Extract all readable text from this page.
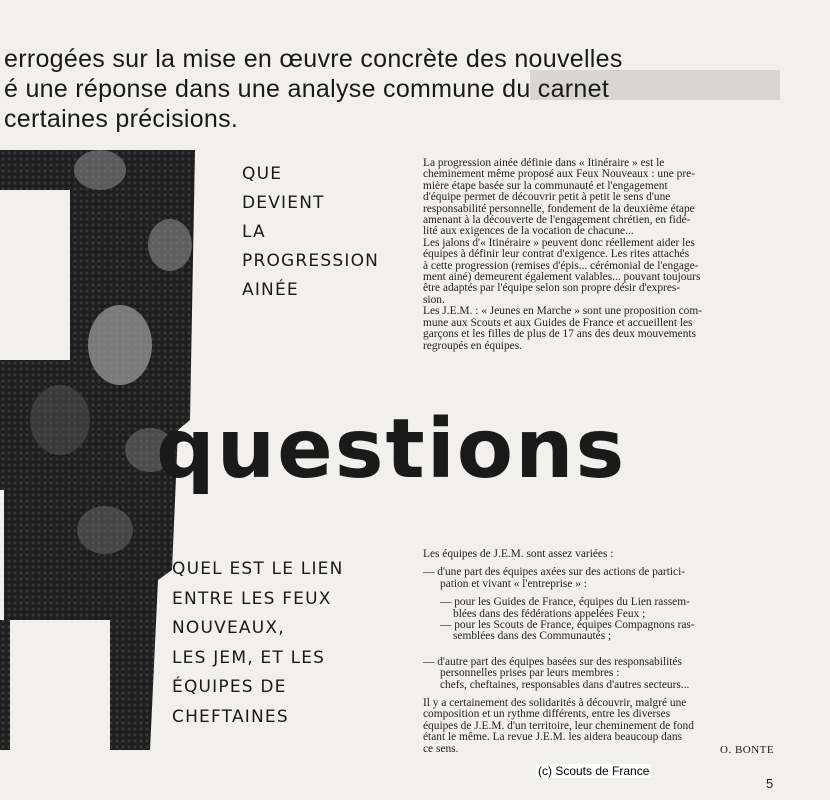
errogées sur la mise en œuvre concrète des nouvelles
é une réponse dans une analyse commune du carnet
certaines précisions.
QUE
DEVIENT
LA
PROGRESSION
AINÉE
La progression ainée définie dans « Itinéraire » est le
cheminement même proposé aux Feux Nouveaux : une pre-
mière étape basée sur la communauté et l'engagement
d'équipe permet de découvrir petit à petit le sens d'une
responsabilité personnelle, fondement de la deuxième étape
amenant à la découverte de l'engagement chrétien, en fidé-
lité aux exigences de la vocation de chacune...
Les jalons d'« Itinéraire » peuvent donc réellement aider les
équipes à définir leur contrat d'exigence. Les rites attachés
à cette progression (remises d'épis... cérémonial de l'engage-
ment ainé) demeurent également valables... pouvant toujours
être adaptés par l'équipe selon son propre désir d'expres-
sion.
Les J.E.M. : « Jeunes en Marche » sont une proposition com-
mune aux Scouts et aux Guides de France et accueillent les
garçons et les filles de plus de 17 ans des deux mouvements
regroupés en équipes.
questions
QUEL EST LE LIEN
ENTRE LES FEUX
NOUVEAUX,
LES JEM, ET LES
ÉQUIPES DE
CHEFTAINES
Les équipes de J.E.M. sont assez variées :
— d'une part des équipes axées sur des actions de partici-
pation et vivant « l'entreprise » :
— pour les Guides de France, équipes du Lien rassem-
blées dans des fédérations appelées Feux ;
— pour les Scouts de France, équipes Compagnons ras-
semblées dans des Communautés ;
— d'autre part des équipes basées sur des responsabilités
personnelles prises par leurs membres :
chefs, cheftaines, responsables dans d'autres secteurs...
Il y a certainement des solidarités à découvrir, malgré une
composition et un rythme différents, entre les diverses
équipes de J.E.M. d'un territoire, leur cheminement de fond
étant le même. La revue J.E.M. les aidera beaucoup dans
ce sens.	O. BONTE
(c) Scouts de France
5
